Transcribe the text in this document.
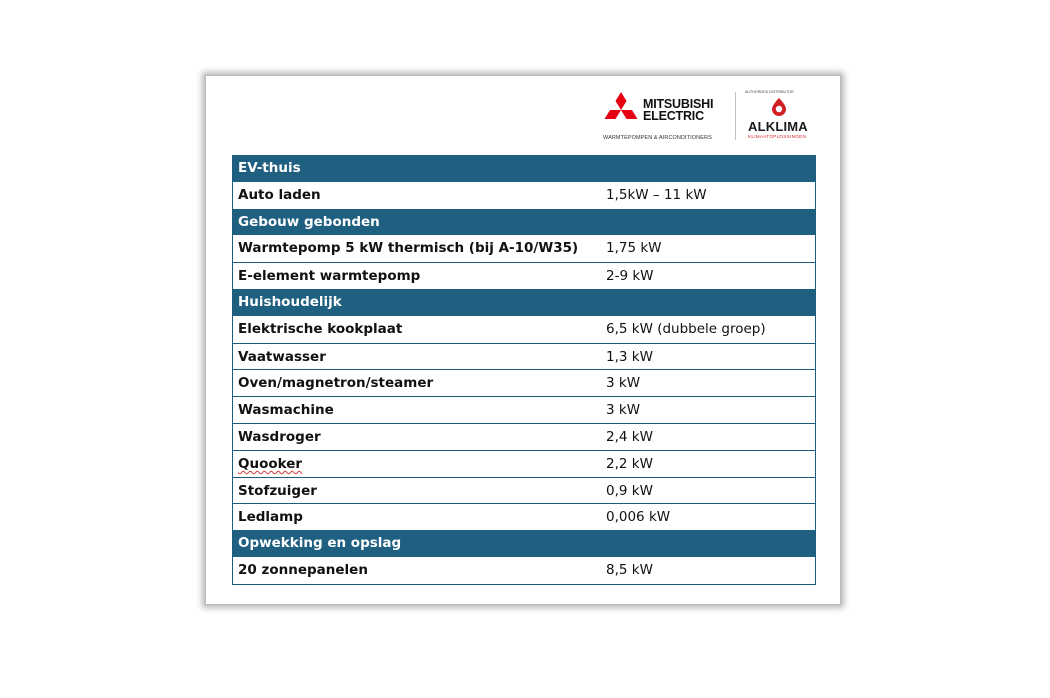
MITSUBISHI
ELECTRIC
WARMTEPOMPEN & AIRCONDITIONERS
AUTHORIZED DISTRIBUTOR
ALKLIMA
KLIMAATOPLOSSINGEN
EV-thuis
Auto laden	1,5kW – 11 kW
Gebouw gebonden
Warmtepomp 5 kW thermisch (bij A-10/W35) 1,75 kW
E-element warmtepomp	2-9 kW
Huishoudelijk
Elektrische kookplaat	6,5 kW (dubbele groep)
Vaatwasser	1,3 kW
Oven/magnetron/steamer	3 kW
Wasmachine	3 kW
Wasdroger	2,4 kW
Quooker	2,2 kW
Stofzuiger	0,9 kW
Ledlamp	0,006 kW
Opwekking en opslag
20 zonnepanelen	8,5 kW
